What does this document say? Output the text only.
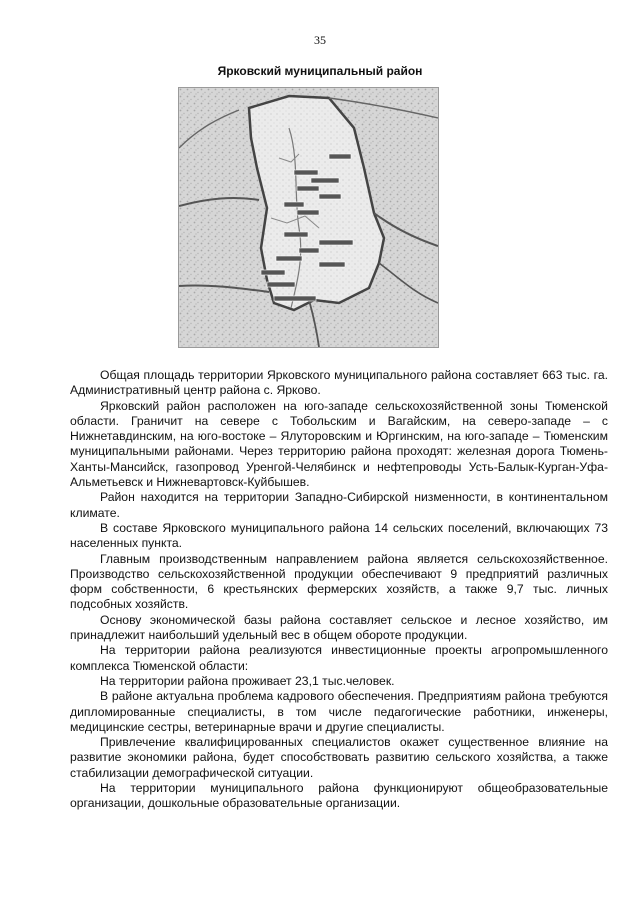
35
Ярковский муниципальный район

Общая площадь территории Ярковского муниципального района составляет 663 тыс. га. Административный центр района с. Ярково.

Ярковский район расположен на юго-западе сельскохозяйственной зоны Тюменской области. Граничит на севере с Тобольским и Вагайским, на северо-западе – с Нижнетавдинским, на юго-востоке – Ялуторовским и Юргинским, на юго-западе – Тюменским муниципальными районами. Через территорию района проходят: железная дорога Тюмень-Ханты-Мансийск, газопровод Уренгой-Челябинск и нефтепроводы Усть-Балык-Курган-Уфа-Альметьевск и Нижневартовск-Куйбышев.

Район находится на территории Западно-Сибирской низменности, в континентальном климате.

В составе Ярковского муниципального района 14 сельских поселений, включающих 73 населенных пункта.

Главным производственным направлением района является сельскохозяйственное. Производство сельскохозяйственной продукции обеспечивают 9 предприятий различных форм собственности, 6 крестьянских фермерских хозяйств, а также 9,7 тыс. личных подсобных хозяйств.

Основу экономической базы района составляет сельское и лесное хозяйство, им принадлежит наибольший удельный вес в общем обороте продукции.

На территории района реализуются инвестиционные проекты агропромышленного комплекса Тюменской области:

На территории района проживает 23,1 тыс.человек.

В районе актуальна проблема кадрового обеспечения. Предприятиям района требуются дипломированные специалисты, в том числе педагогические работники, инженеры, медицинские сестры, ветеринарные врачи и другие специалисты.

Привлечение квалифицированных специалистов окажет существенное влияние на развитие экономики района, будет способствовать развитию сельского хозяйства, а также стабилизации демографической ситуации.

На территории муниципального района функционируют общеобразовательные организации, дошкольные образовательные организации.
